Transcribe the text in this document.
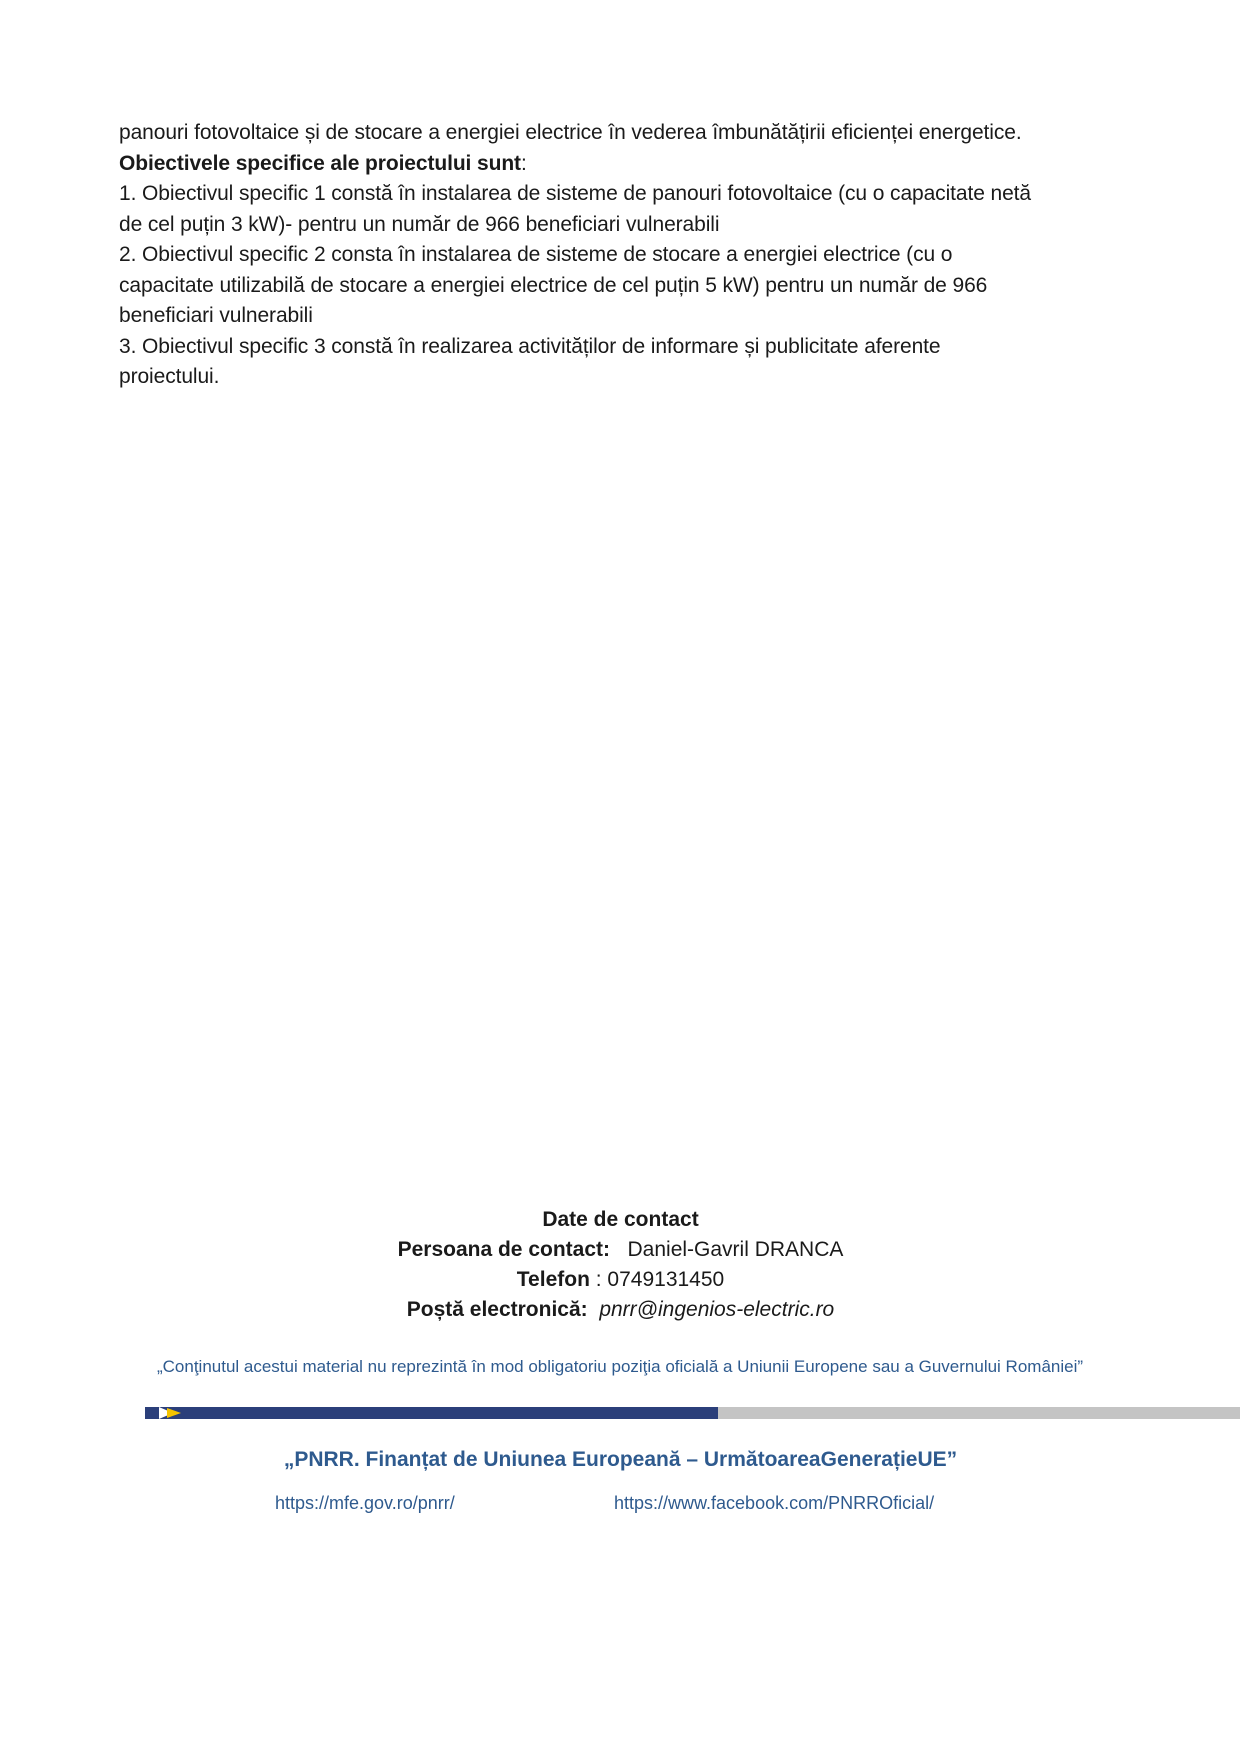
panouri fotovoltaice și de stocare a energiei electrice în vederea îmbunătățirii eficienței energetice.

Obiectivele specifice ale proiectului sunt:

1. Obiectivul specific 1 constă în instalarea de sisteme de panouri fotovoltaice (cu o capacitate netă

de cel puțin 3 kW)- pentru un număr de 966 beneficiari vulnerabili

2. Obiectivul specific 2 consta în instalarea de sisteme de stocare a energiei electrice (cu o

capacitate utilizabilă de stocare a energiei electrice de cel puțin 5 kW) pentru un număr de 966

beneficiari vulnerabili

3. Obiectivul specific 3 constă în realizarea activităților de informare și publicitate aferente

proiectului.

Date de contact

Persoana de contact: Daniel-Gavril DRANCA

Telefon : 0749131450

Poștă electronică: pnrr@ingenios-electric.ro

„Conţinutul acestui material nu reprezintă în mod obligatoriu poziţia oficială a Uniunii Europene sau a Guvernului României”
„PNRR. Finanțat de Uniunea Europeană – UrmătoareaGenerațieUE”
https://mfe.gov.ro/pnrr/	https://www.facebook.com/PNRROficial/
